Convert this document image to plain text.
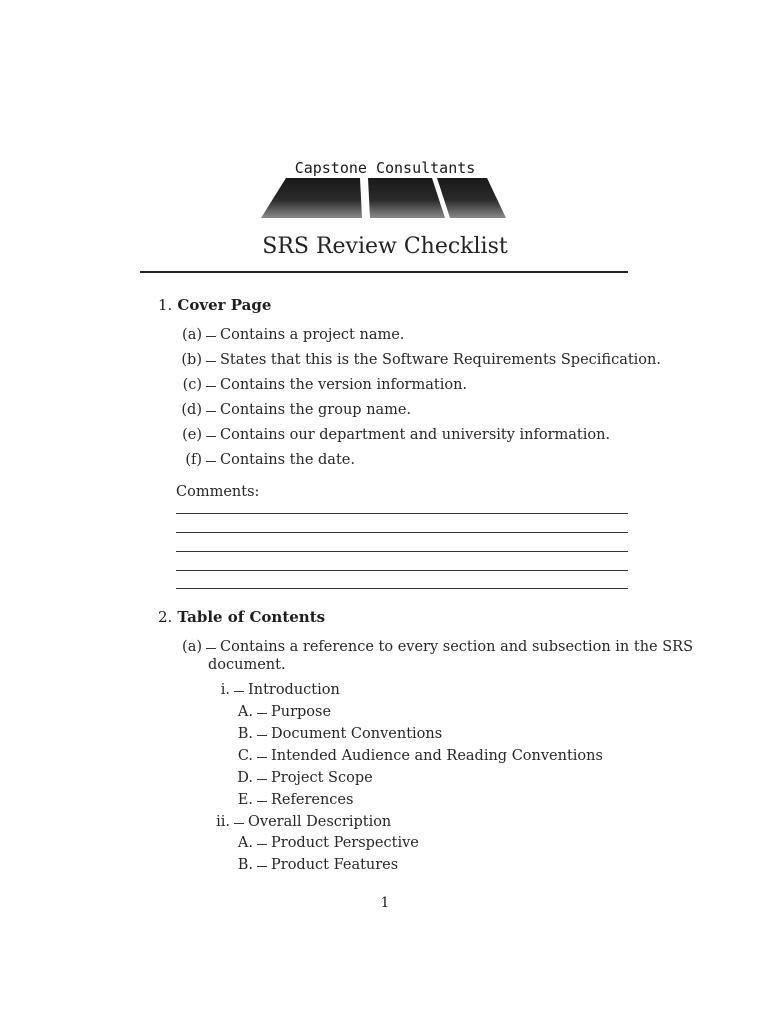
Capstone Consultants
SRS Review Checklist
1. Cover Page
(a) Contains a project name.
(b) States that this is the Software Requirements Specification.
(c) Contains the version information.
(d) Contains the group name.
(e) Contains our department and university information.
(f) Contains the date.
Comments:
2. Table of Contents
(a) Contains a reference to every section and subsection in the SRS
document.
i. Introduction
A. Purpose
B. Document Conventions
C. Intended Audience and Reading Conventions
D. Project Scope
E. References
ii. Overall Description
A. Product Perspective
B. Product Features
1
